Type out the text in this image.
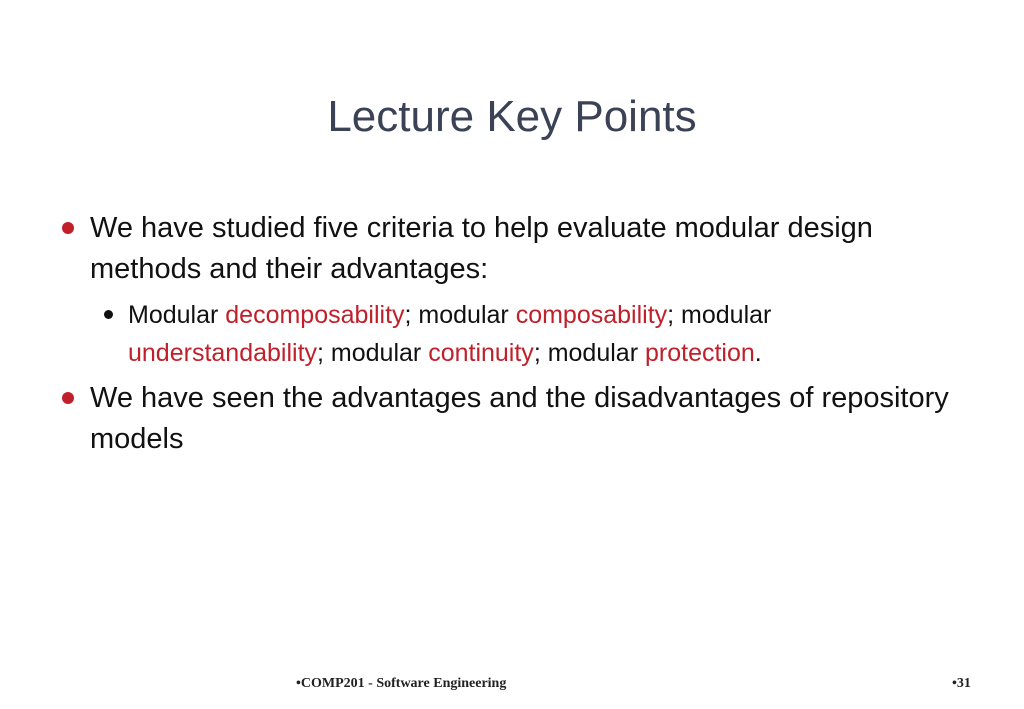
Lecture Key Points
We have studied five criteria to help evaluate modular design methods and their advantages:
Modular decomposability; modular composability; modular understandability; modular continuity; modular protection.
We have seen the advantages and the disadvantages of repository models
•COMP201 - Software Engineering	•31
